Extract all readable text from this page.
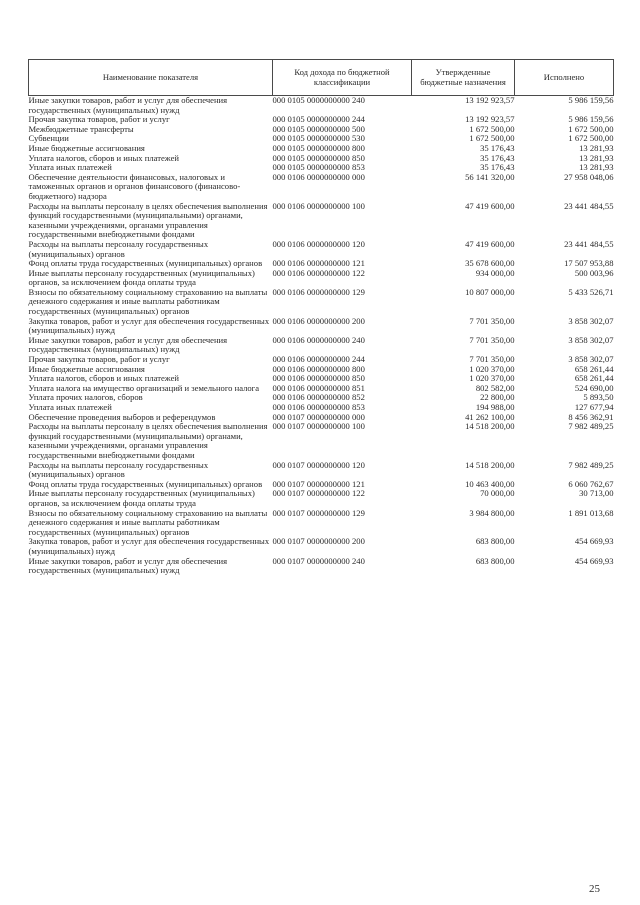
Наименование показателя	Код дохода по бюджетной классификации	Утвержденные бюджетные назначения	Исполнено
Иные закупки товаров, работ и услуг для обеспечения государственных (муниципальных) нужд	000 0105 0000000000 240	13 192 923,57	5 986 159,56
Прочая закупка товаров, работ и услуг	000 0105 0000000000 244	13 192 923,57	5 986 159,56
Межбюджетные трансферты	000 0105 0000000000 500	1 672 500,00	1 672 500,00
Субвенции	000 0105 0000000000 530	1 672 500,00	1 672 500,00
Иные бюджетные ассигнования	000 0105 0000000000 800	35 176,43	13 281,93
Уплата налогов, сборов и иных платежей	000 0105 0000000000 850	35 176,43	13 281,93
Уплата иных платежей	000 0105 0000000000 853	35 176,43	13 281,93
Обеспечение деятельности финансовых, налоговых и таможенных органов и органов финансового (финансово-бюджетного) надзора	000 0106 0000000000 000	56 141 320,00	27 958 048,06
Расходы на выплаты персоналу в целях обеспечения выполнения функций государственными (муниципальными) органами, казенными учреждениями, органами управления государственными внебюджетными фондами	000 0106 0000000000 100	47 419 600,00	23 441 484,55
Расходы на выплаты персоналу государственных (муниципальных) органов	000 0106 0000000000 120	47 419 600,00	23 441 484,55
Фонд оплаты труда государственных (муниципальных) органов	000 0106 0000000000 121	35 678 600,00	17 507 953,88
Иные выплаты персоналу государственных (муниципальных) органов, за исключением фонда оплаты труда	000 0106 0000000000 122	934 000,00	500 003,96
Взносы по обязательному социальному страхованию на выплаты денежного содержания и иные выплаты работникам государственных (муниципальных) органов	000 0106 0000000000 129	10 807 000,00	5 433 526,71
Закупка товаров, работ и услуг для обеспечения государственных (муниципальных) нужд	000 0106 0000000000 200	7 701 350,00	3 858 302,07
Иные закупки товаров, работ и услуг для обеспечения государственных (муниципальных) нужд	000 0106 0000000000 240	7 701 350,00	3 858 302,07
Прочая закупка товаров, работ и услуг	000 0106 0000000000 244	7 701 350,00	3 858 302,07
Иные бюджетные ассигнования	000 0106 0000000000 800	1 020 370,00	658 261,44
Уплата налогов, сборов и иных платежей	000 0106 0000000000 850	1 020 370,00	658 261,44
Уплата налога на имущество организаций и земельного налога	000 0106 0000000000 851	802 582,00	524 690,00
Уплата прочих налогов, сборов	000 0106 0000000000 852	22 800,00	5 893,50
Уплата иных платежей	000 0106 0000000000 853	194 988,00	127 677,94
Обеспечение проведения выборов и референдумов	000 0107 0000000000 000	41 262 100,00	8 456 362,91
Расходы на выплаты персоналу в целях обеспечения выполнения функций государственными (муниципальными) органами, казенными учреждениями, органами управления государственными внебюджетными фондами	000 0107 0000000000 100	14 518 200,00	7 982 489,25
Расходы на выплаты персоналу государственных (муниципальных) органов	000 0107 0000000000 120	14 518 200,00	7 982 489,25
Фонд оплаты труда государственных (муниципальных) органов	000 0107 0000000000 121	10 463 400,00	6 060 762,67
Иные выплаты персоналу государственных (муниципальных) органов, за исключением фонда оплаты труда	000 0107 0000000000 122	70 000,00	30 713,00
Взносы по обязательному социальному страхованию на выплаты денежного содержания и иные выплаты работникам государственных (муниципальных) органов	000 0107 0000000000 129	3 984 800,00	1 891 013,68
Закупка товаров, работ и услуг для обеспечения государственных (муниципальных) нужд	000 0107 0000000000 200	683 800,00	454 669,93
Иные закупки товаров, работ и услуг для обеспечения государственных (муниципальных) нужд	000 0107 0000000000 240	683 800,00	454 669,93
25
